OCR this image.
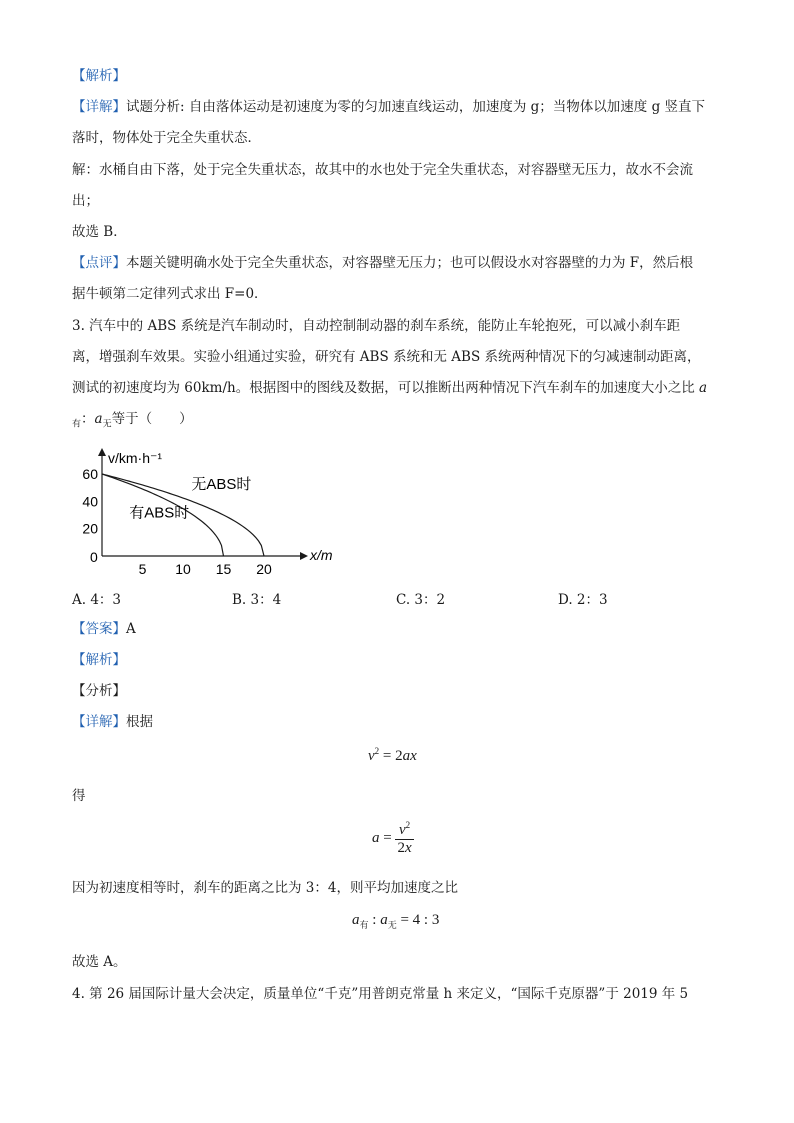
【解析】
【详解】试题分析: 自由落体运动是初速度为零的匀加速直线运动，加速度为 g；当物体以加速度 g 竖直下
落时，物体处于完全失重状态．
解：水桶自由下落，处于完全失重状态，故其中的水也处于完全失重状态，对容器壁无压力，故水不会流
出；
故选 B．
【点评】本题关键明确水处于完全失重状态，对容器壁无压力；也可以假设水对容器壁的力为 F，然后根
据牛顿第二定律列式求出 F=0．
3. 汽车中的 ABS 系统是汽车制动时，自动控制制动器的刹车系统，能防止车轮抱死，可以减小刹车距
离，增强刹车效果。实验小组通过实验，研究有 ABS 系统和无 ABS 系统两种情况下的匀减速制动距离，
测试的初速度均为 60km/h。根据图中的图线及数据，可以推断出两种情况下汽车刹车的加速度大小之比 a
$_有$：$a_无$等于（　　）
v/km·h⁻¹
x/m
0
60
40
20
5 10 15 20
有ABS时
无ABS时
A. 4：3	B. 3：4	C. 3：2	D. 2：3
【答案】A
【解析】
【分析】
【详解】根据
$v^2 = 2ax$
得
$a = \frac{v^2}{2x}$
因为初速度相等时，刹车的距离之比为 3：4，则平均加速度之比
$a_有$ : $a_无 = 4$ : 3
故选 A。
4. 第 26 届国际计量大会决定，质量单位“千克”用普朗克常量 h 来定义，“国际千克原器”于 2019 年 5
